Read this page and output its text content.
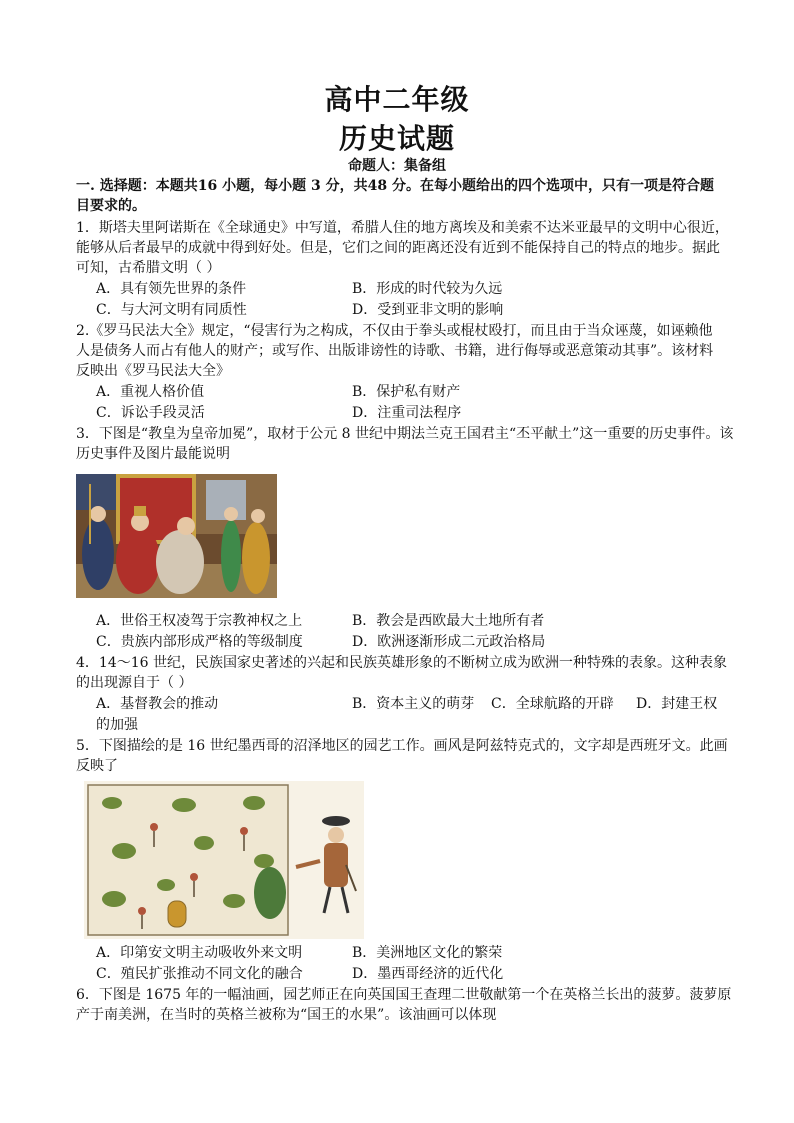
高中二年级
历史试题
命题人：集备组
一. 选择题：本题共16 小题，每小题 3 分，共48 分。在每小题给出的四个选项中，只有一项是符合题
目要求的。
1．斯塔夫里阿诺斯在《全球通史》中写道，希腊人住的地方离埃及和美索不达米亚最早的文明中心很近，
能够从后者最早的成就中得到好处。但是，它们之间的距离还没有近到不能保持自己的特点的地步。据此
可知，古希腊文明（ ）
A．具有领先世界的条件	B．形成的时代较为久远
C．与大河文明有同质性	D．受到亚非文明的影响
2.《罗马民法大全》规定，“侵害行为之构成，不仅由于拳头或棍杖殴打，而且由于当众诬蔑，如诬赖他
人是债务人而占有他人的财产；或写作、出版诽谤性的诗歌、书籍，进行侮辱或恶意策动其事”。该材料
反映出《罗马民法大全》
A．重视人格价值	B．保护私有财产
C．诉讼手段灵活	D．注重司法程序
3．下图是“教皇为皇帝加冕”，取材于公元 8 世纪中期法兰克王国君主“丕平献土”这一重要的历史事件。该
历史事件及图片最能说明
A．世俗王权凌驾于宗教神权之上	B．教会是西欧最大土地所有者
C．贵族内部形成严格的等级制度	D．欧洲逐渐形成二元政治格局
4．14～16 世纪，民族国家史著述的兴起和民族英雄形象的不断树立成为欧洲一种特殊的表象。这种表象
的出现源自于（ ）
A．基督教会的推动	B．资本主义的萌芽 C．全球航路的开辟 D．封建王权
的加强
5．下图描绘的是 16 世纪墨西哥的沼泽地区的园艺工作。画风是阿兹特克式的，文字却是西班牙文。此画
反映了
A．印第安文明主动吸收外来文明	B．美洲地区文化的繁荣
C．殖民扩张推动不同文化的融合	D．墨西哥经济的近代化
6．下图是 1675 年的一幅油画，园艺师正在向英国国王查理二世敬献第一个在英格兰长出的菠萝。菠萝原
产于南美洲，在当时的英格兰被称为“国王的水果”。该油画可以体现
